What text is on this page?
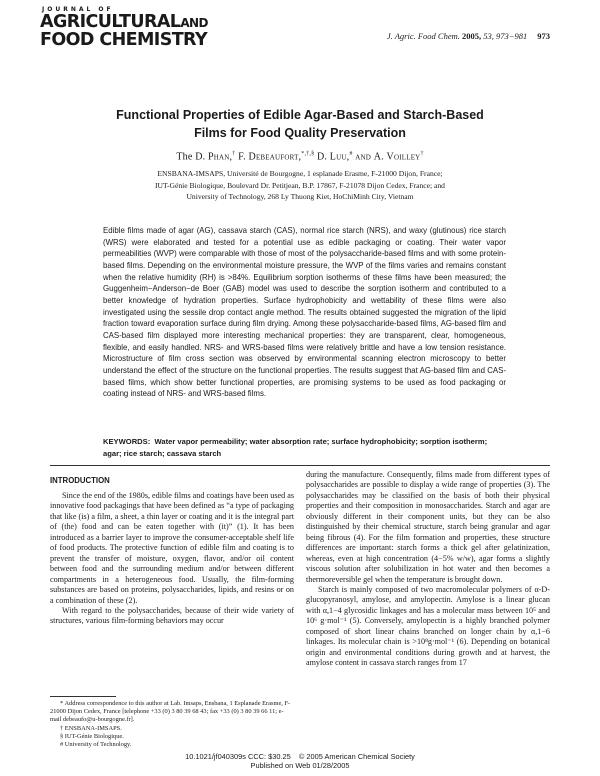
JOURNAL OF
AGRICULTURALAND
FOOD CHEMISTRY	J. Agric. Food Chem. 2005, 53, 973−981 973
Functional Properties of Edible Agar-Based and Starch-Based
Films for Food Quality Preservation
The D. Phan,† F. Debeaufort,*,†,§ D. Luu,# and A. Voilley†
ENSBANA-IMSAPS, Université de Bourgogne, 1 esplanade Erasme, F-21000 Dijon, France;
IUT-Génie Biologique, Boulevard Dr. Petitjean, B.P. 17867, F-21078 Dijon Cedex, France; and
University of Technology, 268 Ly Thuong Kiet, HoChiMinh City, Vietnam
Edible films made of agar (AG), cassava starch (CAS), normal rice starch (NRS), and waxy (glutinous) rice starch (WRS) were elaborated and tested for a potential use as edible packaging or coating. Their water vapor permeabilities (WVP) were comparable with those of most of the polysaccharide-based films and with some protein-based films. Depending on the environmental moisture pressure, the WVP of the films varies and remains constant when the relative humidity (RH) is >84%. Equilibrium sorption isotherms of these films have been measured; the Guggenheim−Anderson−de Boer (GAB) model was used to describe the sorption isotherm and contributed to a better knowledge of hydration properties. Surface hydrophobicity and wettability of these films were also investigated using the sessile drop contact angle method. The results obtained suggested the migration of the lipid fraction toward evaporation surface during film drying. Among these polysaccharide-based films, AG-based film and CAS-based film displayed more interesting mechanical properties: they are transparent, clear, homogeneous, flexible, and easily handled. NRS- and WRS-based films were relatively brittle and have a low tension resistance. Microstructure of film cross section was observed by environmental scanning electron microscopy to better understand the effect of the structure on the functional properties. The results suggest that AG-based film and CAS-based films, which show better functional properties, are promising systems to be used as food packaging or coating instead of NRS- and WRS-based films.
KEYWORDS: Water vapor permeability; water absorption rate; surface hydrophobicity; sorption isotherm; agar; rice starch; cassava starch
INTRODUCTION

Since the end of the 1980s, edible films and coatings have been used as innovative food packagings that have been defined as “a type of packaging that like (is) a film, a sheet, a thin layer or coating and it is the integral part of (the) food and can be eaten together with (it)” (1). It has been introduced as a barrier layer to improve the consumer-acceptable shelf life of food products. The protective function of edible film and coating is to prevent the transfer of moisture, oxygen, flavor, and/or oil content between food and the surrounding medium and/or between different compartments in a heterogeneous food. Usually, the film-forming substances are based on proteins, polysaccharides, lipids, and resins or on a combination of these (2).

With regard to the polysaccharides, because of their wide variety of structures, various film-forming behaviors may occur

during the manufacture. Consequently, films made from different types of polysaccharides are possible to display a wide range of properties (3). The polysaccharides may be classified on the basis of both their physical properties and their composition in monosaccharides. Starch and agar are obviously different in their component units, but they can be also distinguished by their chemical structure, starch being granular and agar being fibrous (4). For the film formation and properties, these structure differences are important: starch forms a thick gel after gelatinization, whereas, even at high concentration (4−5% w/w), agar forms a slightly viscous solution after solubilization in hot water and then becomes a thermoreversible gel when the temperature is brought down.

Starch is mainly composed of two macromolecular polymers of α-D-glucopyranosyl, amylose, and amylopectin. Amylose is a linear glucan with α,1−4 glycosidic linkages and has a molecular mass between 10⁵ and 10⁶ g·mol⁻¹ (5). Conversely, amylopectin is a highly branched polymer composed of short linear chains branched on longer chain by α,1−6 linkages. Its molecular chain is >10⁸g·mol⁻¹ (6). Depending on botanical origin and environmental conditions during growth and at harvest, the amylose content in cassava starch ranges from 17

* Address correspondence to this author at Lab. Imsaps, Ensbana, 1 Esplanade Erasme, F-21000 Dijon Cedex, France [telephone +33 (0) 3 80 39 68 43; fax +33 (0) 3 80 39 66 11; e-mail debeaufo@u-bourgogne.fr].
† ENSBANA-IMSAPS.
§ IUT-Génie Biologique.
# University of Technology.
10.1021/jf040309s CCC: $30.25    © 2005 American Chemical Society
Published on Web 01/28/2005
